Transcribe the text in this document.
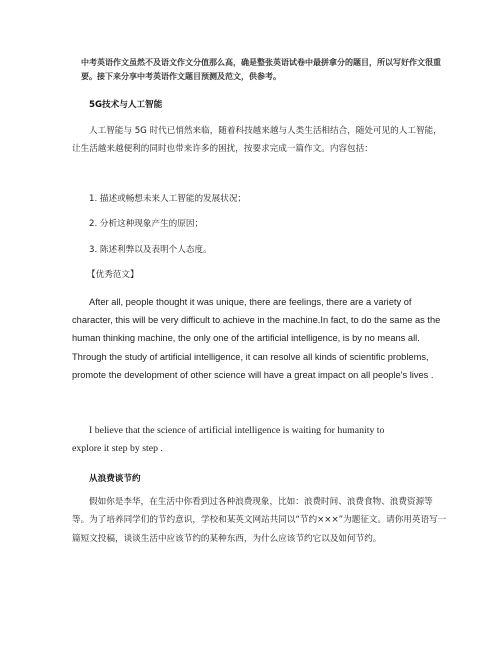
中考英语作文虽然不及语文作文分值那么高，确是整张英语试卷中最拼拿分的题目，所以写好作文很重要。接下来分享中考英语作文题目预测及范文，供参考。
5G技术与人工智能

人工智能与 5G 时代已悄然来临，随着科技越来越与人类生活相结合，随处可见的人工智能，让生活越来越便利的同时也带来许多的困扰，按要求完成一篇作文。内容包括：

1. 描述或畅想未来人工智能的发展状况；
2. 分析这种现象产生的原因；
3. 陈述利弊以及表明个人态度。
【优秀范文】

After all, people thought it was unique, there are feelings, there are a variety of character, this will be very difficult to achieve in the machine.In fact, to do the same as the human thinking machine, the only one of the artificial intelligence, is by no means all. Through the study of artificial intelligence, it can resolve all kinds of scientific problems, promote the development of other science will have a great impact on all people's lives .

I believe that the science of artificial intelligence is waiting for humanity to explore it step by step .

从浪费谈节约

假如你是李华，在生活中你看到过各种浪费现象，比如：浪费时间、浪费食物、浪费资源等等。为了培养同学们的节约意识，学校和某英文网站共同以“节约×××”为题征文。请你用英语写一篇短文投稿，谈谈生活中应该节约的某种东西，为什么应该节约它以及如何节约。
